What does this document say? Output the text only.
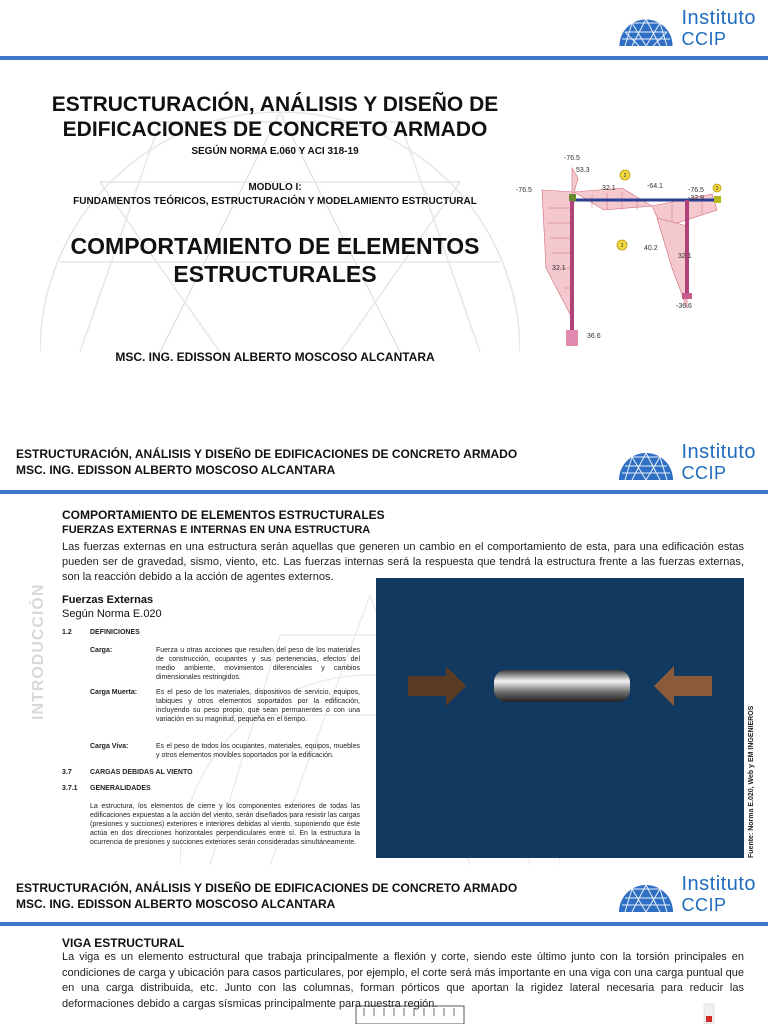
Instituto
CCIP
ESTRUCTURACIÓN, ANÁLISIS Y DISEÑO DE EDIFICACIONES DE CONCRETO ARMADO
SEGÚN NORMA E.060 Y ACI 318-19
MODULO I:
FUNDAMENTOS TEÓRICOS, ESTRUCTURACIÓN Y MODELAMIENTO ESTRUCTURAL
COMPORTAMIENTO DE ELEMENTOS ESTRUCTURALES
MSC. ING. EDISSON ALBERTO MOSCOSO ALCANTARA
2
3
2
-76.5
53.3
-76.5	32.1	-64.1
-76.5
-32.9
40.2
32.1
32.1
36.6
-36.6
ESTRUCTURACIÓN, ANÁLISIS Y DISEÑO DE EDIFICACIONES DE CONCRETO ARMADO
MSC. ING. EDISSON ALBERTO MOSCOSO ALCANTARA
Instituto
CCIP
COMPORTAMIENTO DE ELEMENTOS ESTRUCTURALES
FUERZAS EXTERNAS E INTERNAS EN UNA ESTRUCTURA
Las fuerzas externas en una estructura serán aquellas que generen un cambio en el comportamiento de esta, para una edificación estas pueden ser de gravedad, sismo, viento, etc. Las fuerzas internas será la respuesta que tendrá la estructura frente a las fuerzas externas, son la reacción debido a la acción de agentes externos.
INTRODUCCIÓN Fuerzas Externas
Según Norma E.020
1.2	DEFINICIONES
Carga:	Fuerza u otras acciones que resulten del peso de los materiales de construcción, ocupantes y sus pertenencias, efectos del medio ambiente, movimientos diferenciales y cambios dimensionales restringidos.
Carga Muerta:	Es el peso de los materiales, dispositivos de servicio, equipos, tabiques y otros elementos soportados por la edificación, incluyendo su peso propio, que sean permanentes o con una variación en su magnitud, pequeña en el tiempo.
Carga Viva:	Es el peso de todos los ocupantes, materiales, equipos, muebles y otros elementos movibles soportados por la edificación.
3.7	CARGAS DEBIDAS AL VIENTO
3.7.1 GENERALIDADES
La estructura, los elementos de cierre y los componentes exteriores de todas las edificaciones expuestas a la acción del viento, serán diseñados para resistir las cargas (presiones y succiones) exteriores e interiores debidas al viento, suponiendo que éste actúa en dos direcciones horizontales perpendiculares entre sí. En la estructura la ocurrencia de presiones y succiones exteriores serán consideradas simultáneamente.	Fuente: Norma E.020, Web y EM INGENIEROS
ESTRUCTURACIÓN, ANÁLISIS Y DISEÑO DE EDIFICACIONES DE CONCRETO ARMADO
MSC. ING. EDISSON ALBERTO MOSCOSO ALCANTARA
Instituto
CCIP
VIGA ESTRUCTURAL
La viga es un elemento estructural que trabaja principalmente a flexión y corte, siendo este último junto con la torsión principales en condiciones de carga y ubicación para casos particulares, por ejemplo, el corte será más importante en una viga con una carga puntual que en una carga distribuida, etc. Junto con las columnas, forman pórticos que aportan la rigidez lateral necesaria para reducir las deformaciones debido a cargas sísmicas principalmente para nuestra región.
